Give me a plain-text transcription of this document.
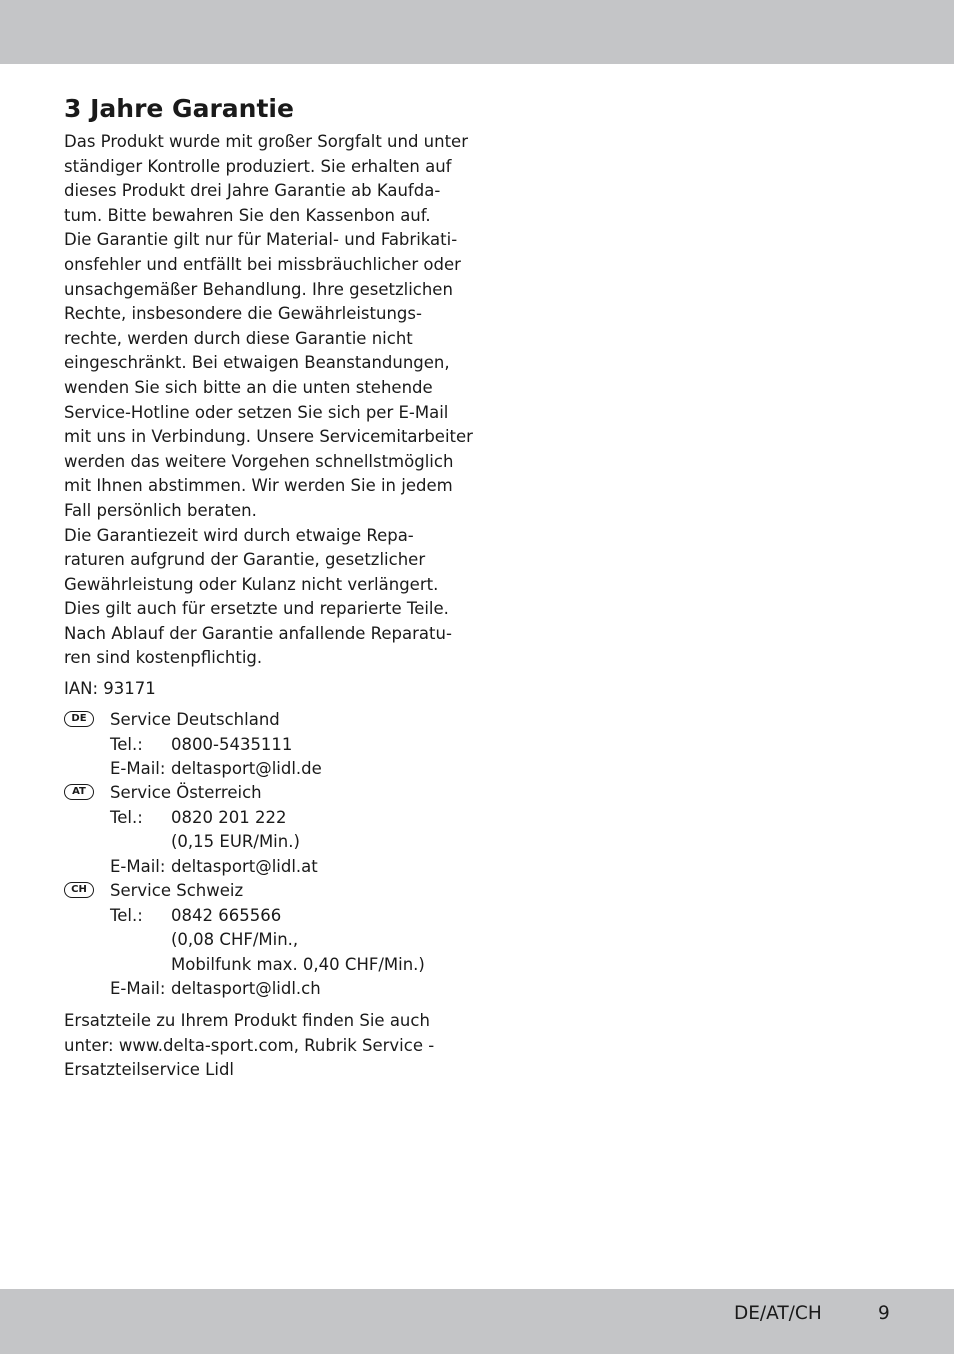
3 Jahre Garantie
Das Produkt wurde mit großer Sorgfalt und unter
ständiger Kontrolle produziert. Sie erhalten auf
dieses Produkt drei Jahre Garantie ab Kaufda-
tum. Bitte bewahren Sie den Kassenbon auf.
Die Garantie gilt nur für Material- und Fabrikati-
onsfehler und entfällt bei missbräuchlicher oder
unsachgemäßer Behandlung. Ihre gesetzlichen
Rechte, insbesondere die Gewährleistungs-
rechte, werden durch diese Garantie nicht
eingeschränkt. Bei etwaigen Beanstandungen,
wenden Sie sich bitte an die unten stehende
Service-Hotline oder setzen Sie sich per E-Mail
mit uns in Verbindung. Unsere Servicemitarbeiter
werden das weitere Vorgehen schnellstmöglich
mit Ihnen abstimmen. Wir werden Sie in jedem
Fall persönlich beraten.
Die Garantiezeit wird durch etwaige Repa-
raturen aufgrund der Garantie, gesetzlicher
Gewährleistung oder Kulanz nicht verlängert.
Dies gilt auch für ersetzte und reparierte Teile.
Nach Ablauf der Garantie anfallende Reparatu-
ren sind kostenpflichtig.
IAN: 93171
DE	Service Deutschland
Tel.: 0800-5435111
E-Mail: deltasport@lidl.de
AT	Service Österreich
Tel.: 0820 201 222
(0,15 EUR/Min.)
E-Mail: deltasport@lidl.at
CH	Service Schweiz
Tel.: 0842 665566
(0,08 CHF/Min.,
Mobilfunk max. 0,40 CHF/Min.)
E-Mail: deltasport@lidl.ch
Ersatzteile zu Ihrem Produkt finden Sie auch
unter: www.delta-sport.com, Rubrik Service -
Ersatzteilservice Lidl
DE/AT/CH	9
